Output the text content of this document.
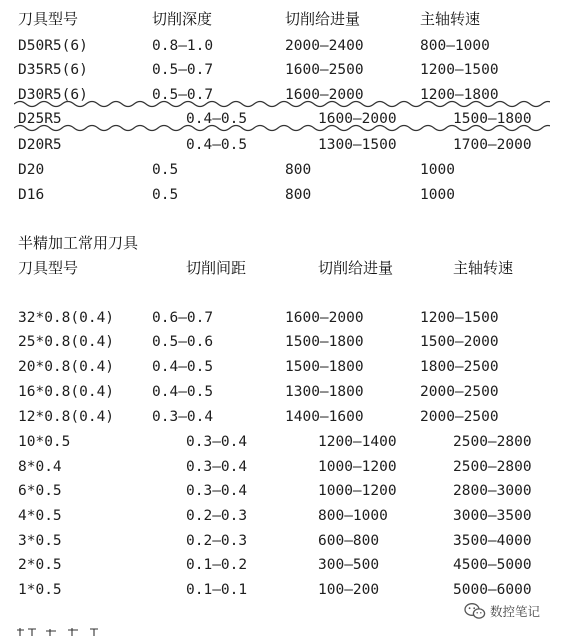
刀具型号	切削深度	切削给进量	主轴转速
D50R5(6)	0.8—1.0	2000—2400	800—1000
D35R5(6)	0.5—0.7	1600—2500	1200—1500
D30R5(6)	0.5—0.7	1600—2000	1200—1800
D25R5	0.4—0.5	1600—2000	1500—1800
D20R5	0.4—0.5	1300—1500	1700—2000
D20	0.5	800	1000
D16	0.5	800	1000
半精加工常用刀具
刀具型号	切削间距	切削给进量	主轴转速
32*0.8(0.4)	0.6—0.7	1600—2000	1200—1500
25*0.8(0.4)	0.5—0.6	1500—1800	1500—2000
20*0.8(0.4)	0.4—0.5	1500—1800	1800—2500
16*0.8(0.4)	0.4—0.5	1300—1800	2000—2500
12*0.8(0.4)	0.3—0.4	1400—1600	2000—2500
10*0.5	0.3—0.4	1200—1400	2500—2800
8*0.4	0.3—0.4	1000—1200	2500—2800
6*0.5	0.3—0.4	1000—1200	2800—3000
4*0.5	0.2—0.3	800—1000	3000—3500
3*0.5	0.2—0.3	600—800	3500—4000
2*0.5	0.1—0.2	300—500	4500—5000
1*0.5	0.1—0.1	100—200	5000—6000
数控笔记
